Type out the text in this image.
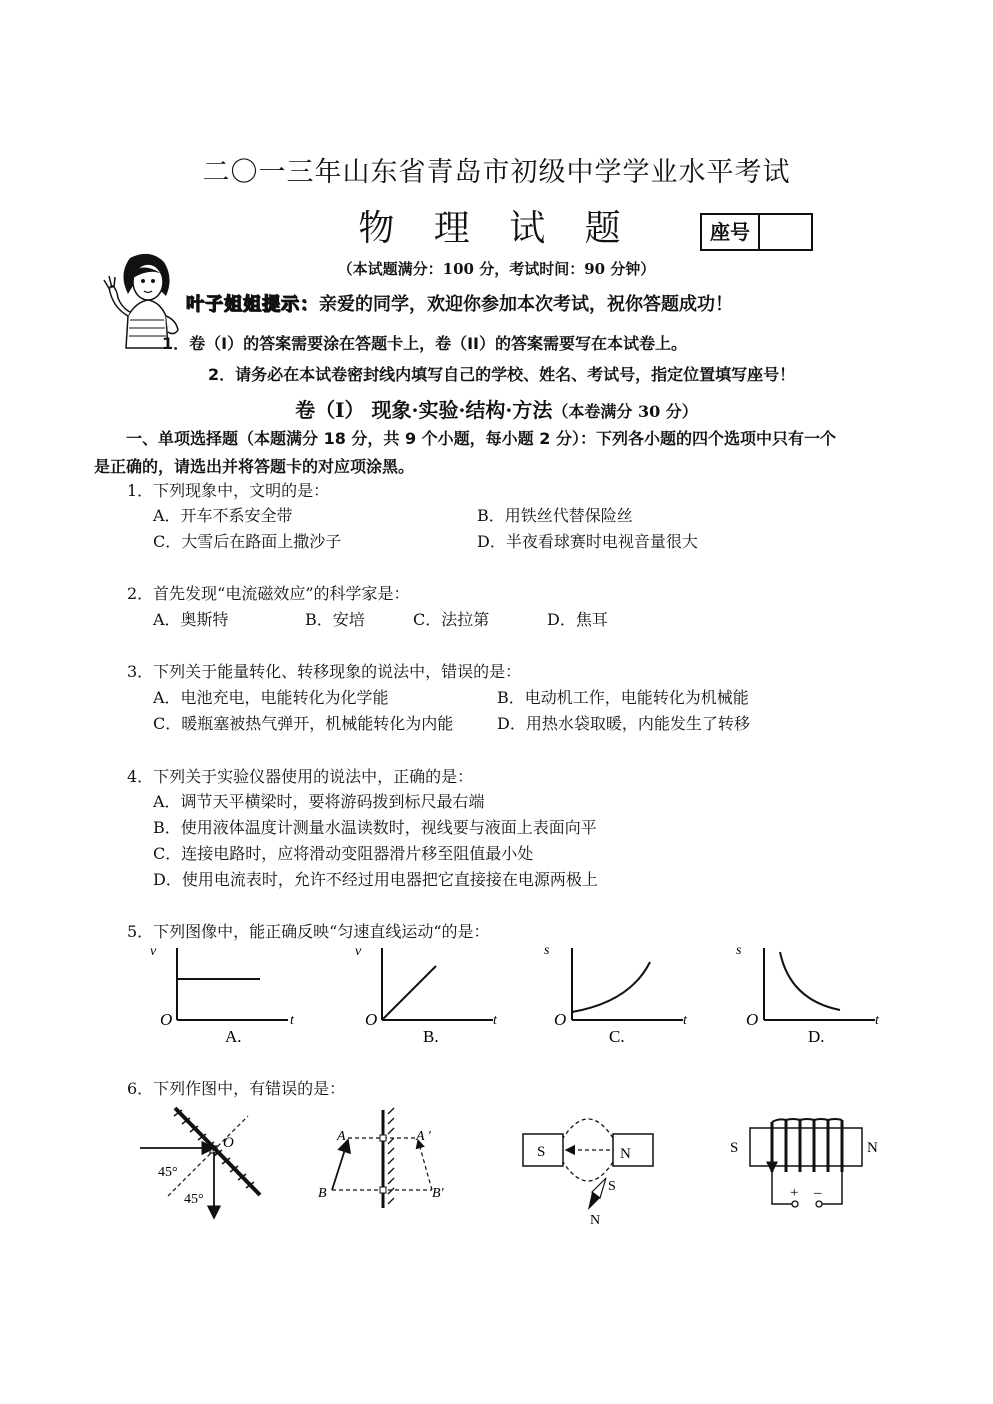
二〇一三年山东省青岛市初级中学学业水平考试
物 理 试 题	座号
（本试题满分：100 分，考试时间：90 分钟）
叶子姐姐提示：亲爱的同学，欢迎你参加本次考试，祝你答题成功！
1．卷（I）的答案需要涂在答题卡上，卷（II）的答案需要写在本试卷上。
2．请务必在本试卷密封线内填写自己的学校、姓名、考试号，指定位置填写座号！
卷（I） 现象·实验·结构·方法（本卷满分 30 分）
一、单项选择题（本题满分 18 分，共 9 个小题，每小题 2 分）：下列各小题的四个选项中只有一个
是正确的，请选出并将答题卡的对应项涂黑。
1．下列现象中，文明的是：
A．开车不系安全带	B．用铁丝代替保险丝
C．大雪后在路面上撒沙子	D．半夜看球赛时电视音量很大
2．首先发现“电流磁效应”的科学家是：
A．奥斯特	B．安培	C．法拉第	D．焦耳
3．下列关于能量转化、转移现象的说法中，错误的是：
A．电池充电，电能转化为化学能	B．电动机工作，电能转化为机械能
C．暖瓶塞被热气弹开，机械能转化为内能	D．用热水袋取暖，内能发生了转移
4．下列关于实验仪器使用的说法中，正确的是：
A．调节天平横梁时，要将游码拨到标尺最右端
B．使用液体温度计测量水温读数时，视线要与液面上表面向平
C．连接电路时，应将滑动变阻器滑片移至阻值最小处
D．使用电流表时，允许不经过用电器把它直接接在电源两极上
5．下列图像中，能正确反映“匀速直线运动“的是：
v
t
O
A.
v
t
O
B.
s
t
O
C.
s
t
O
D.
6．下列作图中，有错误的是：
O
45°
45°
A
B
A ′
B′
S	N
S
N
S	N
+ –
